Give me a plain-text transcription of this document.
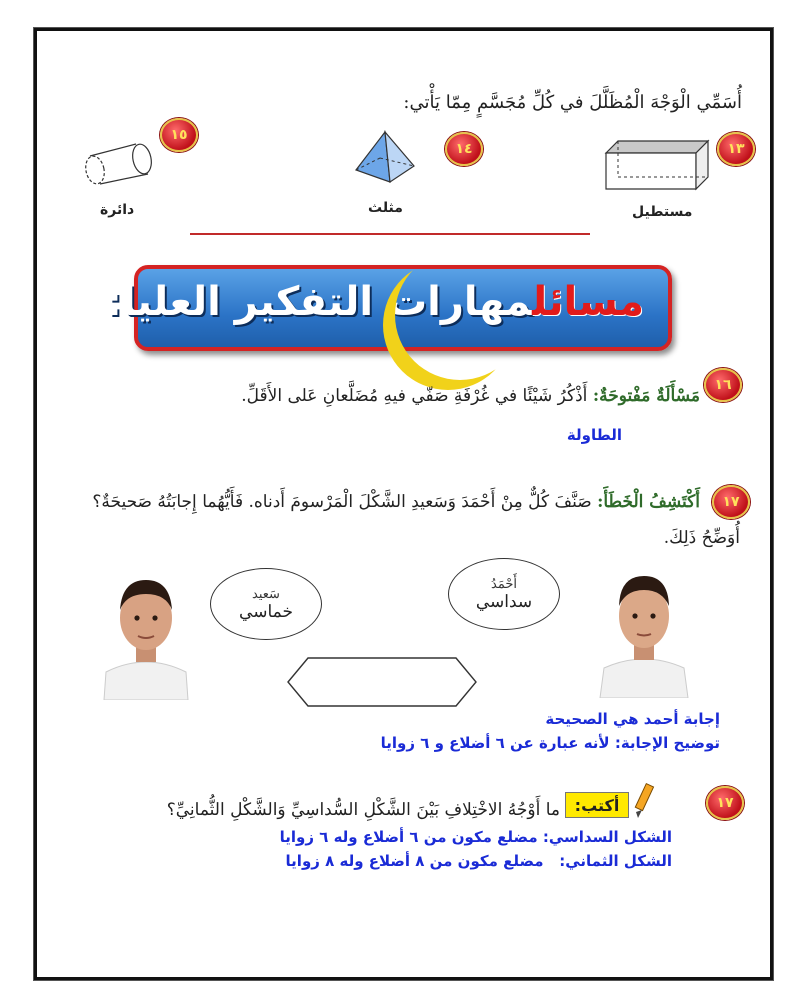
أُسَمِّي الْوَجْهَ الْمُظَلَّلَ في كُلِّ مُجَسَّمٍ مِمّا يَأْتي:
١٣
١٤
١٥
مستطيل
مثلث
دائرة
مسائلمهارات التفكير العليا:
١٦
مَسْأَلَةٌ مَفْتوحَةٌ: أَذْكُرُ شَيْئًا في غُرْفَةِ صَفّي فيهِ مُضَلَّعانِ عَلى الأَقَلِّ.
الطاولة
١٧
أَكْتَشِفُ الْخَطَأَ: صَنَّفَ كُلٌّ مِنْ أَحْمَدَ وَسَعيدِ الشَّكْلَ الْمَرْسومَ أَدناه. فَأَيُّهُما إِجابَتُهُ صَحيحَةٌ؟
أُوَضِّحُ ذَلِكَ.
سَعيد
خماسي
أَحْمَدُ
سداسي
إجابة أحمد هي الصحيحة
توضيح الإجابة: لأنه عبارة عن ٦ أضلاع و ٦ زوايا
١٧
أكتب:
ما أَوْجُهُ الاخْتِلافِ بَيْنَ الشَّكْلِ السُّداسِيِّ وَالشَّكْلِ الثُّمانِيِّ؟
الشكل السداسي: مضلع مكون من ٦ أضلاع وله ٦ زوايا
الشكل الثماني:   مضلع مكون من ٨ أضلاع وله ٨ زوايا
